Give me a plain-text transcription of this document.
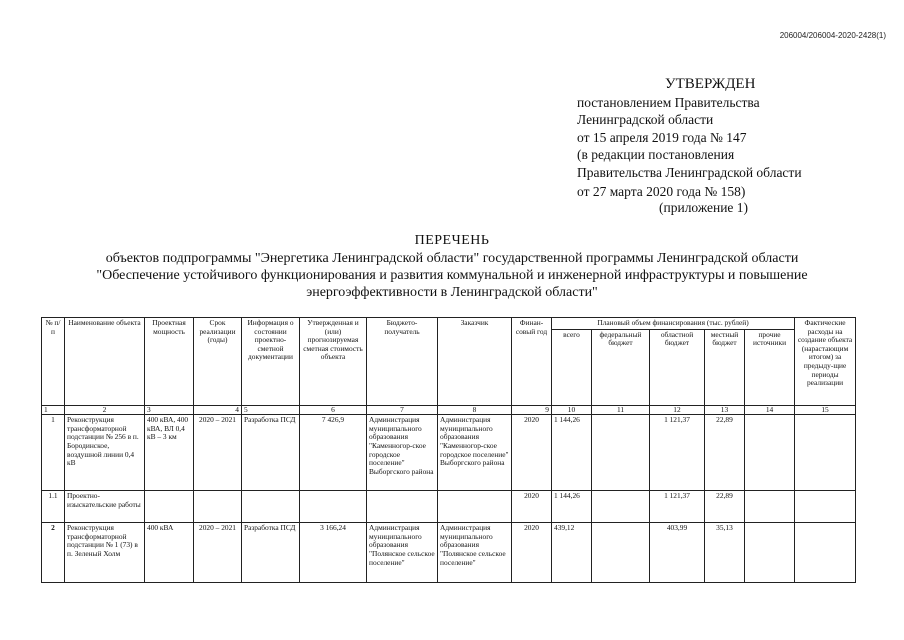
206004/206004-2020-2428(1)
УТВЕРЖДЕН
постановлением Правительства
Ленинградской области
от 15 апреля 2019 года № 147
(в редакции постановления
Правительства Ленинградской области
от 27 марта 2020 года № 158)
(приложение 1)
ПЕРЕЧЕНЬ
объектов подпрограммы "Энергетика Ленинградской области" государственной программы Ленинградской области
"Обеспечение устойчивого функционирования и развития коммунальной и инженерной инфраструктуры и повышение
энергоэффективности в Ленинградской области"
№ п/п	Наименование объекта	Проектная мощность	Срок реализации (годы)	Информация о состоянии проектно-сметной документации	Утвержденная и (или) прогнозируемая сметная стоимость объекта	Бюджето-получатель	Заказчик	Финан-совый год	Плановый объем финансирования (тыс. рублей)					Фактические расходы на создание объекта (нарастающим итогом) за предыду-щие периоды реализации
									всего	федеральный бюджет	областной бюджет	местный бюджет	прочие источники	
1	2	3	4	5	6	7	8	9	10	11	12	13	14	15
1	Реконструкция трансформаторной подстанции № 256 в п. Бородинское, воздушной линии 0,4 кВ	400 кВА, 400 кВА, ВЛ 0,4 кВ – 3 км	2020 – 2021	Разработка ПСД	7 426,9	Администрация муниципального образования "Каменногор-ское городское поселение" Выборгского района	Администрация муниципального образования "Каменногор-ское городское поселение" Выборгского района	2020	1 144,26		1 121,37	22,89		
1.1	Проектно-изыскательские работы							2020	1 144,26		1 121,37	22,89		
2	Реконструкция трансформаторной подстанции № 1 (73) в п. Зеленый Холм	400 кВА	2020 – 2021	Разработка ПСД	3 166,24	Администрация муниципального образования "Полянское сельское поселение"	Администрация муниципального образования "Полянское сельское поселение"	2020	439,12		403,99	35,13		
